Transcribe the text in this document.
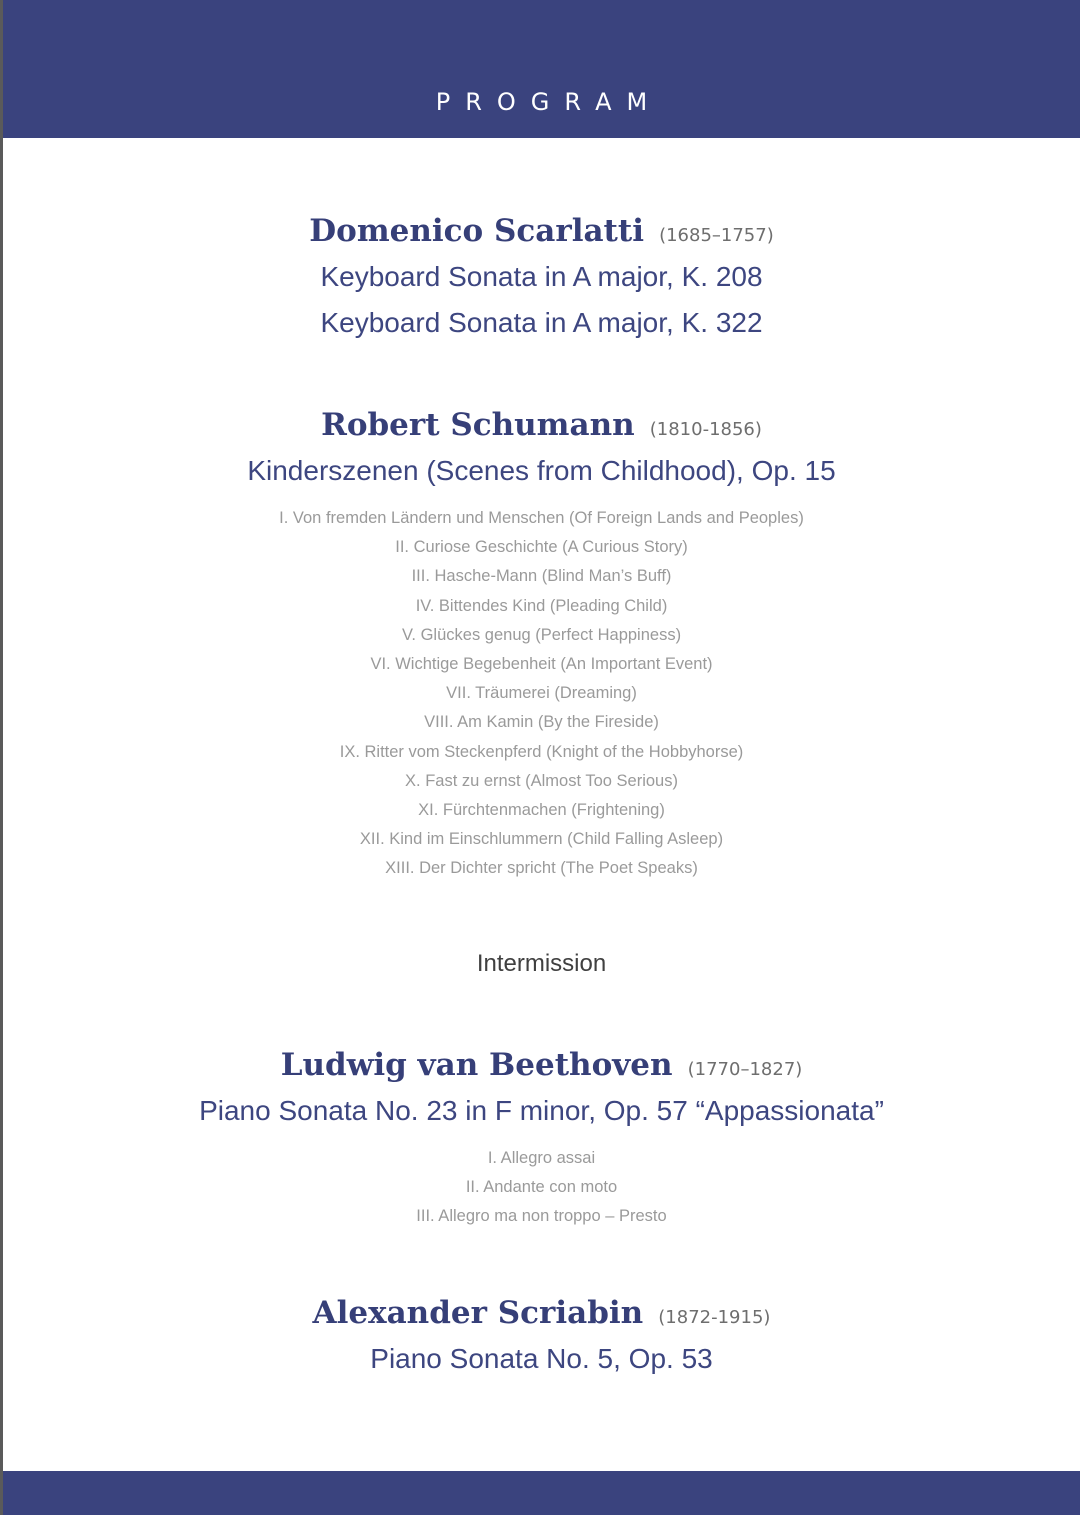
PROGRAM
Domenico Scarlatti (1685–1757)
Keyboard Sonata in A major, K. 208
Keyboard Sonata in A major, K. 322
Robert Schumann (1810-1856)
Kinderszenen (Scenes from Childhood), Op. 15
I. Von fremden Ländern und Menschen (Of Foreign Lands and Peoples)
II. Curiose Geschichte (A Curious Story)
III. Hasche-Mann (Blind Man’s Buff)
IV. Bittendes Kind (Pleading Child)
V. Glückes genug (Perfect Happiness)
VI. Wichtige Begebenheit (An Important Event)
VII. Träumerei (Dreaming)
VIII. Am Kamin (By the Fireside)
IX. Ritter vom Steckenpferd (Knight of the Hobbyhorse)
X. Fast zu ernst (Almost Too Serious)
XI. Fürchtenmachen (Frightening)
XII. Kind im Einschlummern (Child Falling Asleep)
XIII. Der Dichter spricht (The Poet Speaks)
Intermission
Ludwig van Beethoven (1770–1827)
Piano Sonata No. 23 in F minor, Op. 57 “Appassionata”
I. Allegro assai
II. Andante con moto
III. Allegro ma non troppo – Presto
Alexander Scriabin (1872-1915)
Piano Sonata No. 5, Op. 53
